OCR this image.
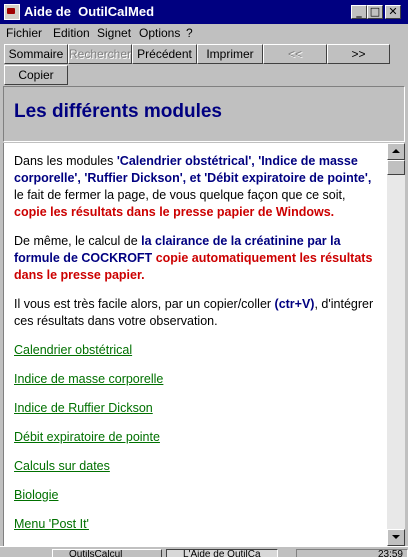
Aide de  OutilCalMed	_ □ ✕
Fichier Edition Signet Options ?
Sommaire Rechercher Précédent	Imprimer	<<	>>
Copier
Les différents modules

Dans les modules 'Calendrier obstétrical', 'Indice de masse corporelle', 'Ruffier Dickson', et 'Débit expiratoire de pointe', le fait de fermer la page, de vous quelque façon que ce soit, copie les résultats dans le presse papier de Windows.

De même, le calcul de la clairance de la créatinine par la formule de COCKROFT copie automatiquement les résultats dans le presse papier.

Il vous est très facile alors, par un copier/coller (ctr+V), d'intégrer ces résultats dans votre observation.

Calendrier obstétrical
Indice de masse corporelle
Indice de Ruffier Dickson
Débit expiratoire de pointe
Calculs sur dates
Biologie
Menu 'Post It'
OutilsCalcul	L'Aide de OutilCa	23:59
